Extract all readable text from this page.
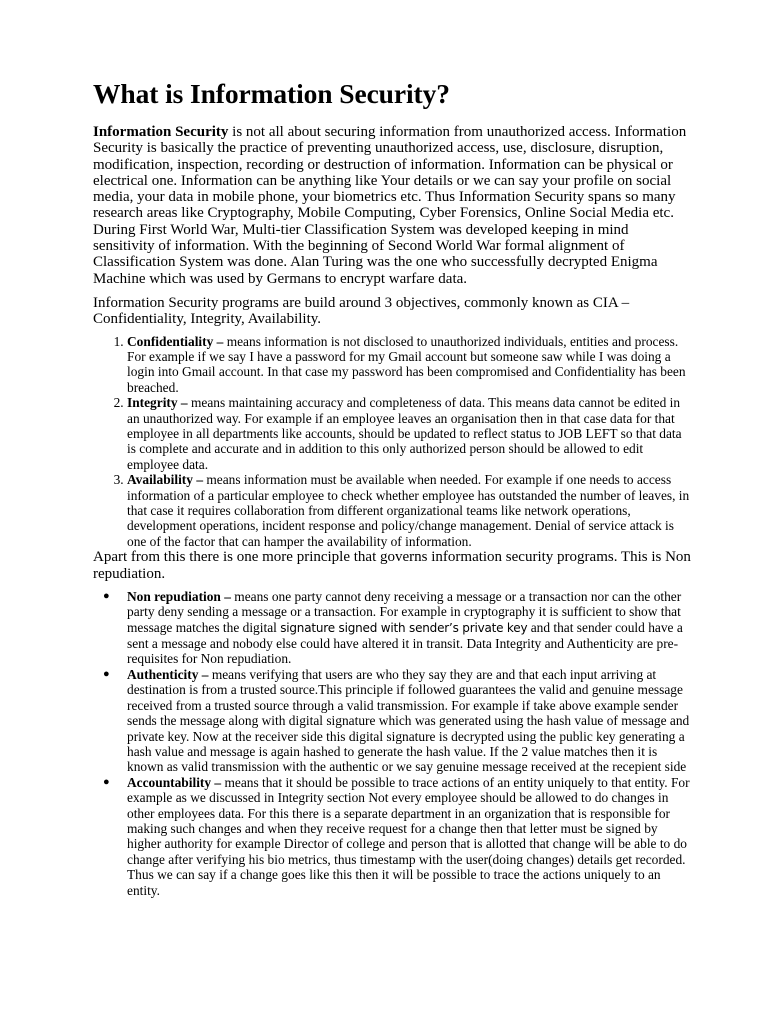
What is Information Security?

Information Security is not all about securing information from unauthorized access. Information Security is basically the practice of preventing unauthorized access, use, disclosure, disruption, modification, inspection, recording or destruction of information. Information can be physical or electrical one. Information can be anything like Your details or we can say your profile on social media, your data in mobile phone, your biometrics etc. Thus Information Security spans so many research areas like Cryptography, Mobile Computing, Cyber Forensics, Online Social Media etc.

During First World War, Multi-tier Classification System was developed keeping in mind sensitivity of information. With the beginning of Second World War formal alignment of Classification System was done. Alan Turing was the one who successfully decrypted Enigma Machine which was used by Germans to encrypt warfare data.

Information Security programs are build around 3 objectives, commonly known as CIA – Confidentiality, Integrity, Availability.

1. Confidentiality – means information is not disclosed to unauthorized individuals, entities and process. For example if we say I have a password for my Gmail account but someone saw while I was doing a login into Gmail account. In that case my password has been compromised and Confidentiality has been breached.
2. Integrity – means maintaining accuracy and completeness of data. This means data cannot be edited in an unauthorized way. For example if an employee leaves an organisation then in that case data for that employee in all departments like accounts, should be updated to reflect status to JOB LEFT so that data is complete and accurate and in addition to this only authorized person should be allowed to edit employee data.
3. Availability – means information must be available when needed. For example if one needs to access information of a particular employee to check whether employee has outstanded the number of leaves, in that case it requires collaboration from different organizational teams like network operations, development operations, incident response and policy/change management. Denial of service attack is one of the factor that can hamper the availability of information.

Apart from this there is one more principle that governs information security programs. This is Non repudiation.

● Non repudiation – means one party cannot deny receiving a message or a transaction nor can the other party deny sending a message or a transaction. For example in cryptography it is sufficient to show that message matches the digital signature signed with sender’s private key and that sender could have a sent a message and nobody else could have altered it in transit. Data Integrity and Authenticity are pre-requisites for Non repudiation.
● Authenticity – means verifying that users are who they say they are and that each input arriving at destination is from a trusted source.This principle if followed guarantees the valid and genuine message received from a trusted source through a valid transmission. For example if take above example sender sends the message along with digital signature which was generated using the hash value of message and private key. Now at the receiver side this digital signature is decrypted using the public key generating a hash value and message is again hashed to generate the hash value. If the 2 value matches then it is known as valid transmission with the authentic or we say genuine message received at the recepient side
● Accountability – means that it should be possible to trace actions of an entity uniquely to that entity. For example as we discussed in Integrity section Not every employee should be allowed to do changes in other employees data. For this there is a separate department in an organization that is responsible for making such changes and when they receive request for a change then that letter must be signed by higher authority for example Director of college and person that is allotted that change will be able to do change after verifying his bio metrics, thus timestamp with the user(doing changes) details get recorded. Thus we can say if a change goes like this then it will be possible to trace the actions uniquely to an entity.
